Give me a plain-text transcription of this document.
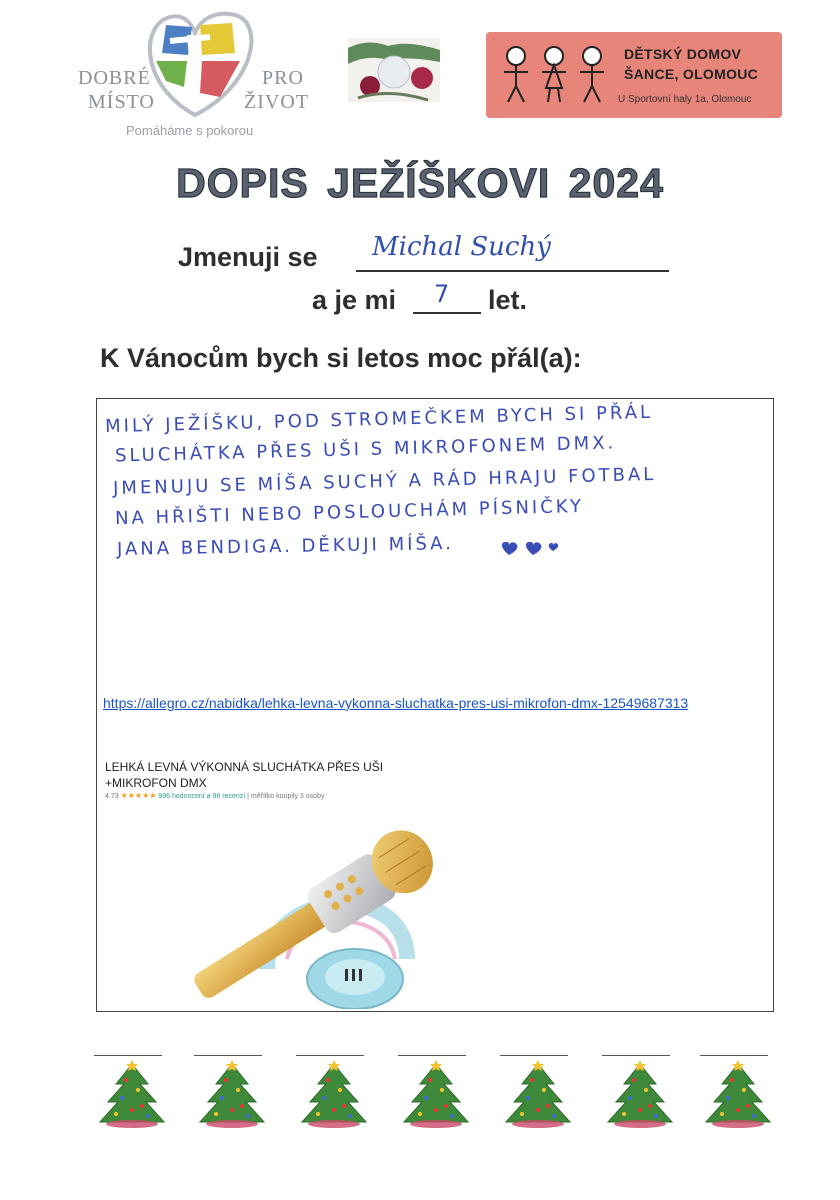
DOBRÉ
MÍSTO
PRO
ŽIVOT
Pomáháme s pokorou
DĚTSKÝ DOMOV
ŠANCE, OLOMOUC
U Sportovní haly 1a, Olomouc
DOPIS JEŽÍŠKOVI 2024
Jmenuji se Michal Suchý
a je mi 7 let.
K Vánocům bych si letos moc přál(a):
MILÝ JEŽÍŠKU, POD STROMEČKEM BYCH SI PŘÁL
SLUCHÁTKA PŘES UŠI S MIKROFONEM DMX.
JMENUJU SE MÍŠA SUCHÝ A RÁD HRAJU FOTBAL
NA HŘIŠTI NEBO POSLOUCHÁM PÍSNIČKY
JANA BENDIGA. DĚKUJI MÍŠA.
https://allegro.cz/nabidka/lehka-levna-vykonna-sluchatka-pres-usi-mikrofon-dmx-12549687313
LEHKÁ LEVNÁ VÝKONNÁ SLUCHÁTKA PŘES UŠI
+MIKROFON DMX
4.73 ★★★★★ 996 hodnocení a 98 recenzí | měřítko koupily 3 osoby
